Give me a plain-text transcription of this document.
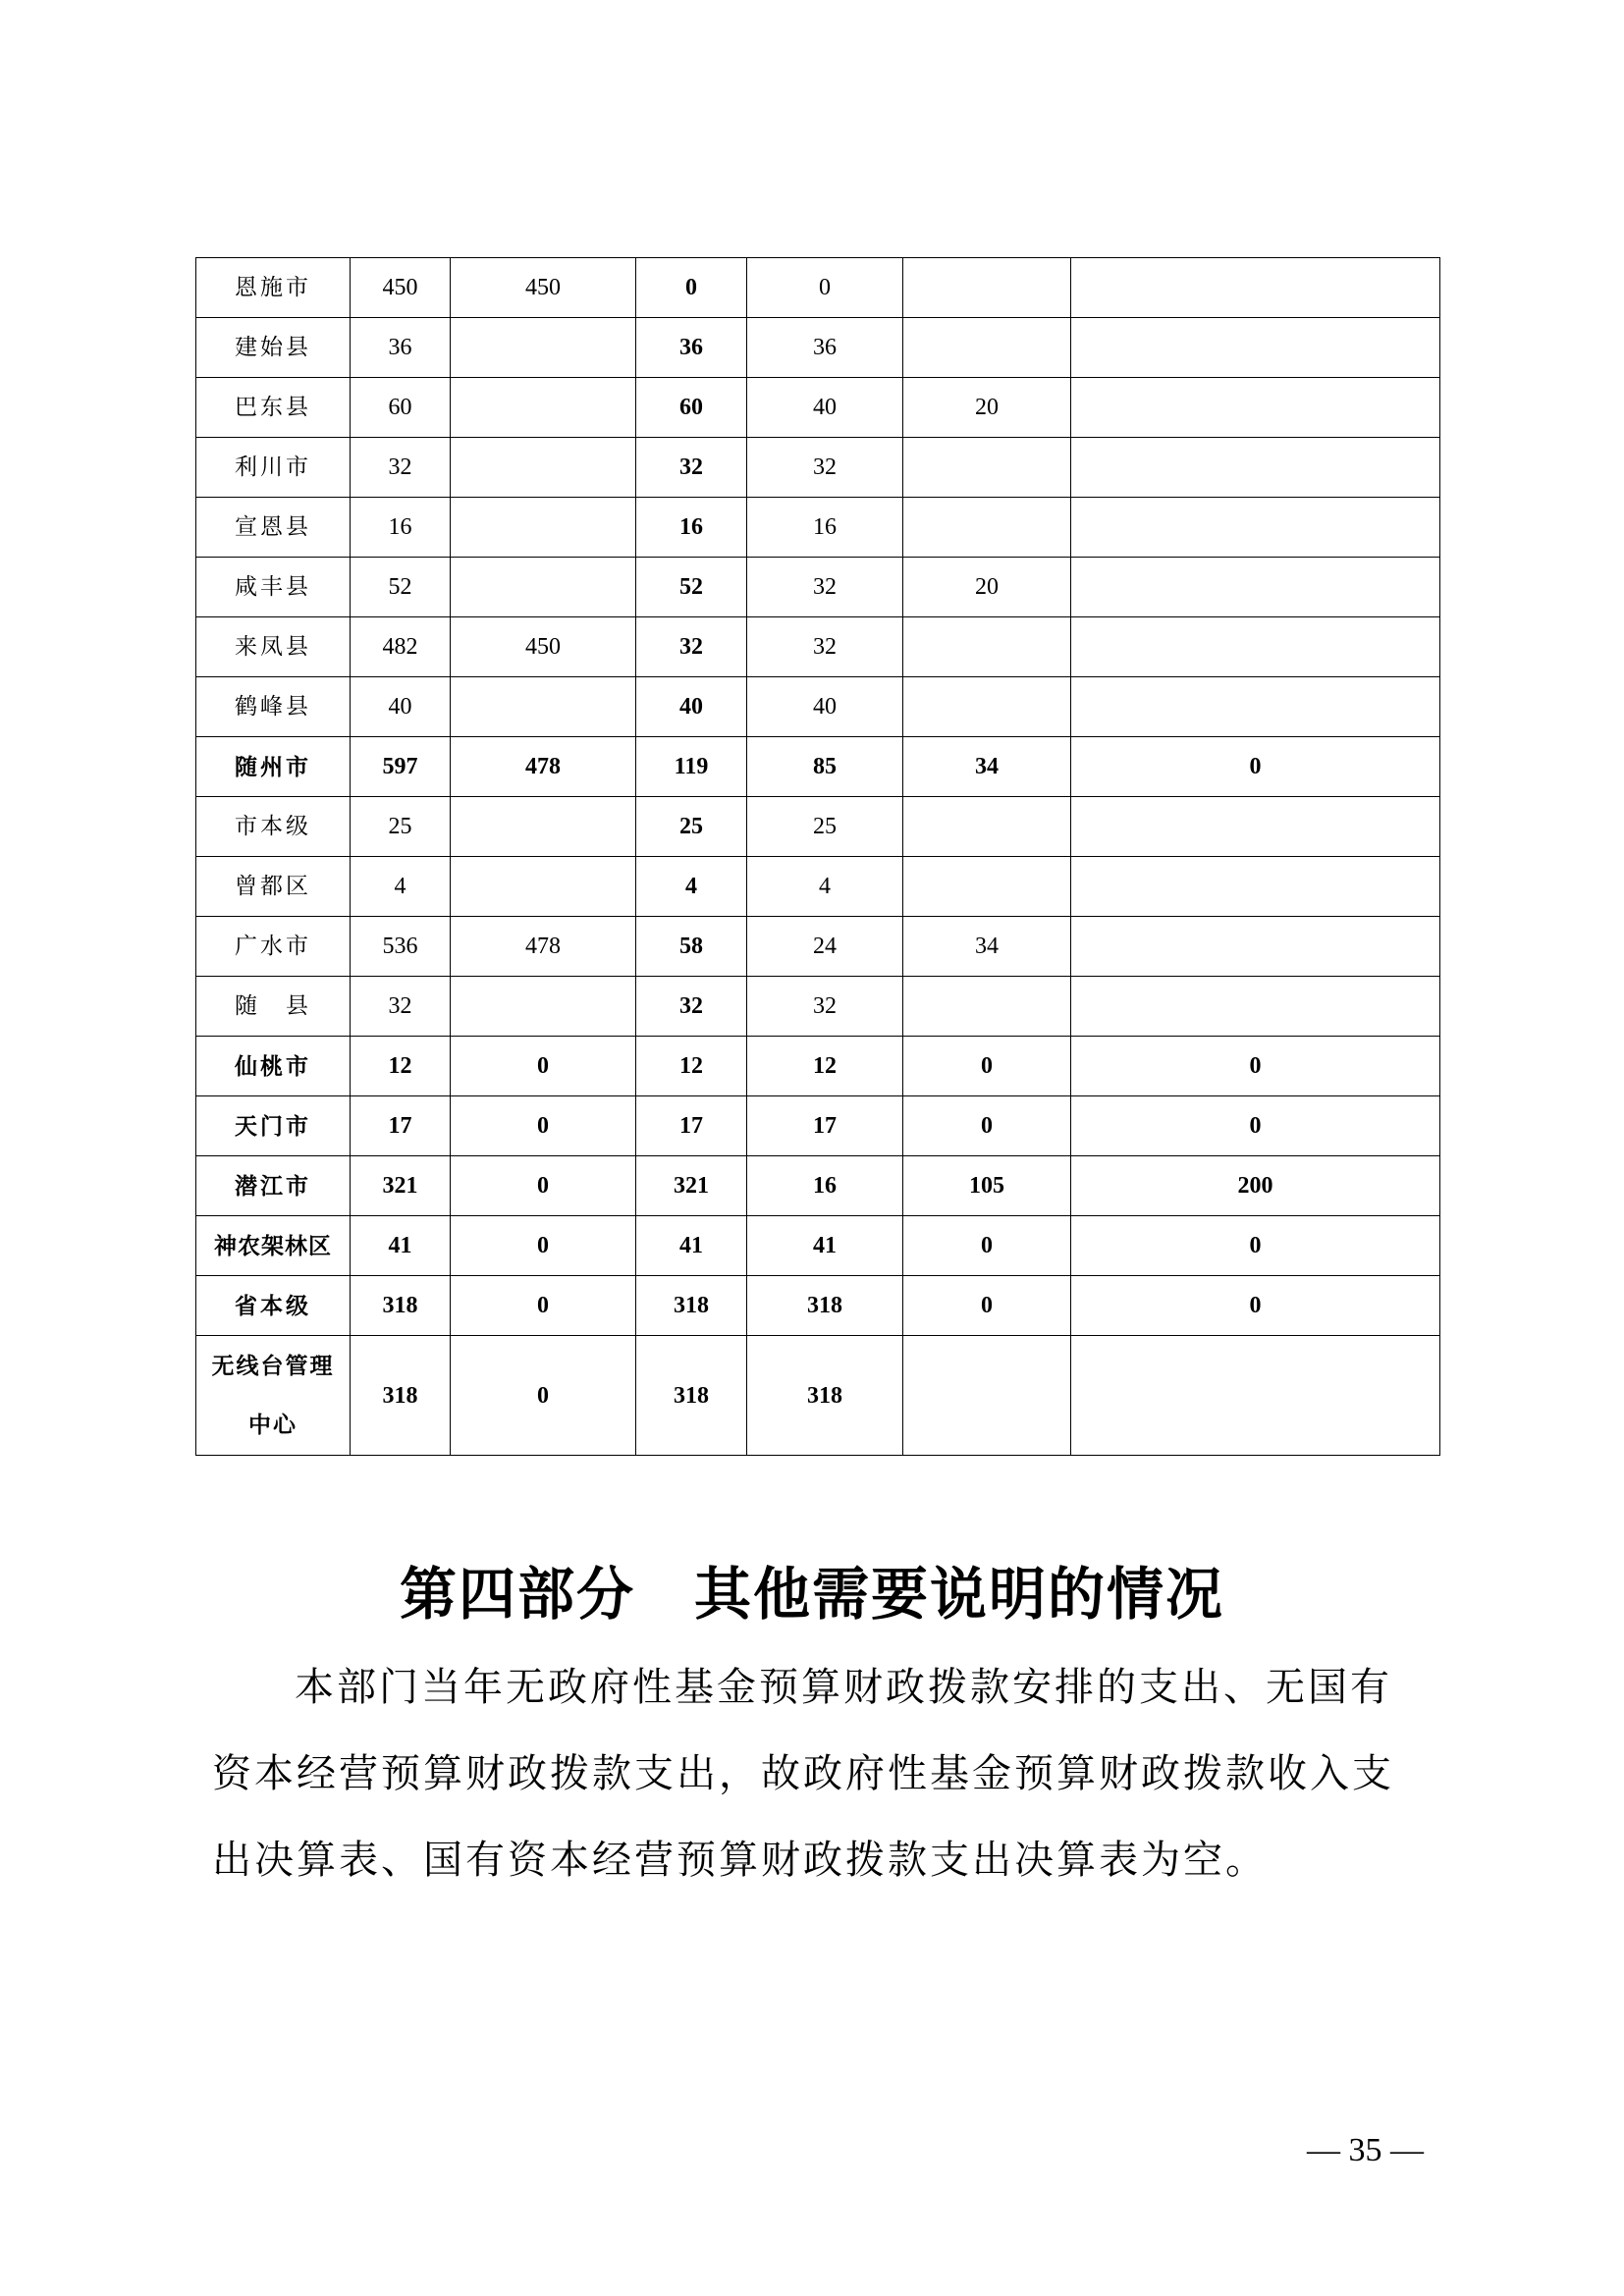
恩施市	450	450	0	0		
建始县	36		36	36		
巴东县	60		60	40	20	
利川市	32		32	32		
宣恩县	16		16	16		
咸丰县	52		52	32	20	
来凤县	482	450	32	32		
鹤峰县	40		40	40		
随州市	597	478	119	85	34	0
市本级	25		25	25		
曾都区	4		4	4		
广水市	536	478	58	24	34	
随　县	32		32	32		
仙桃市	12	0	12	12	0	0
天门市	17	0	17	17	0	0
潜江市	321	0	321	16	105	200
神农架林区	41	0	41	41	0	0
省本级	318	0	318	318	0	0
无线台管理中心	318	0	318	318		
第四部分　其他需要说明的情况

本部门当年无政府性基金预算财政拨款安排的支出、无国有资本经营预算财政拨款支出，故政府性基金预算财政拨款收入支出决算表、国有资本经营预算财政拨款支出决算表为空。

— 35 —
